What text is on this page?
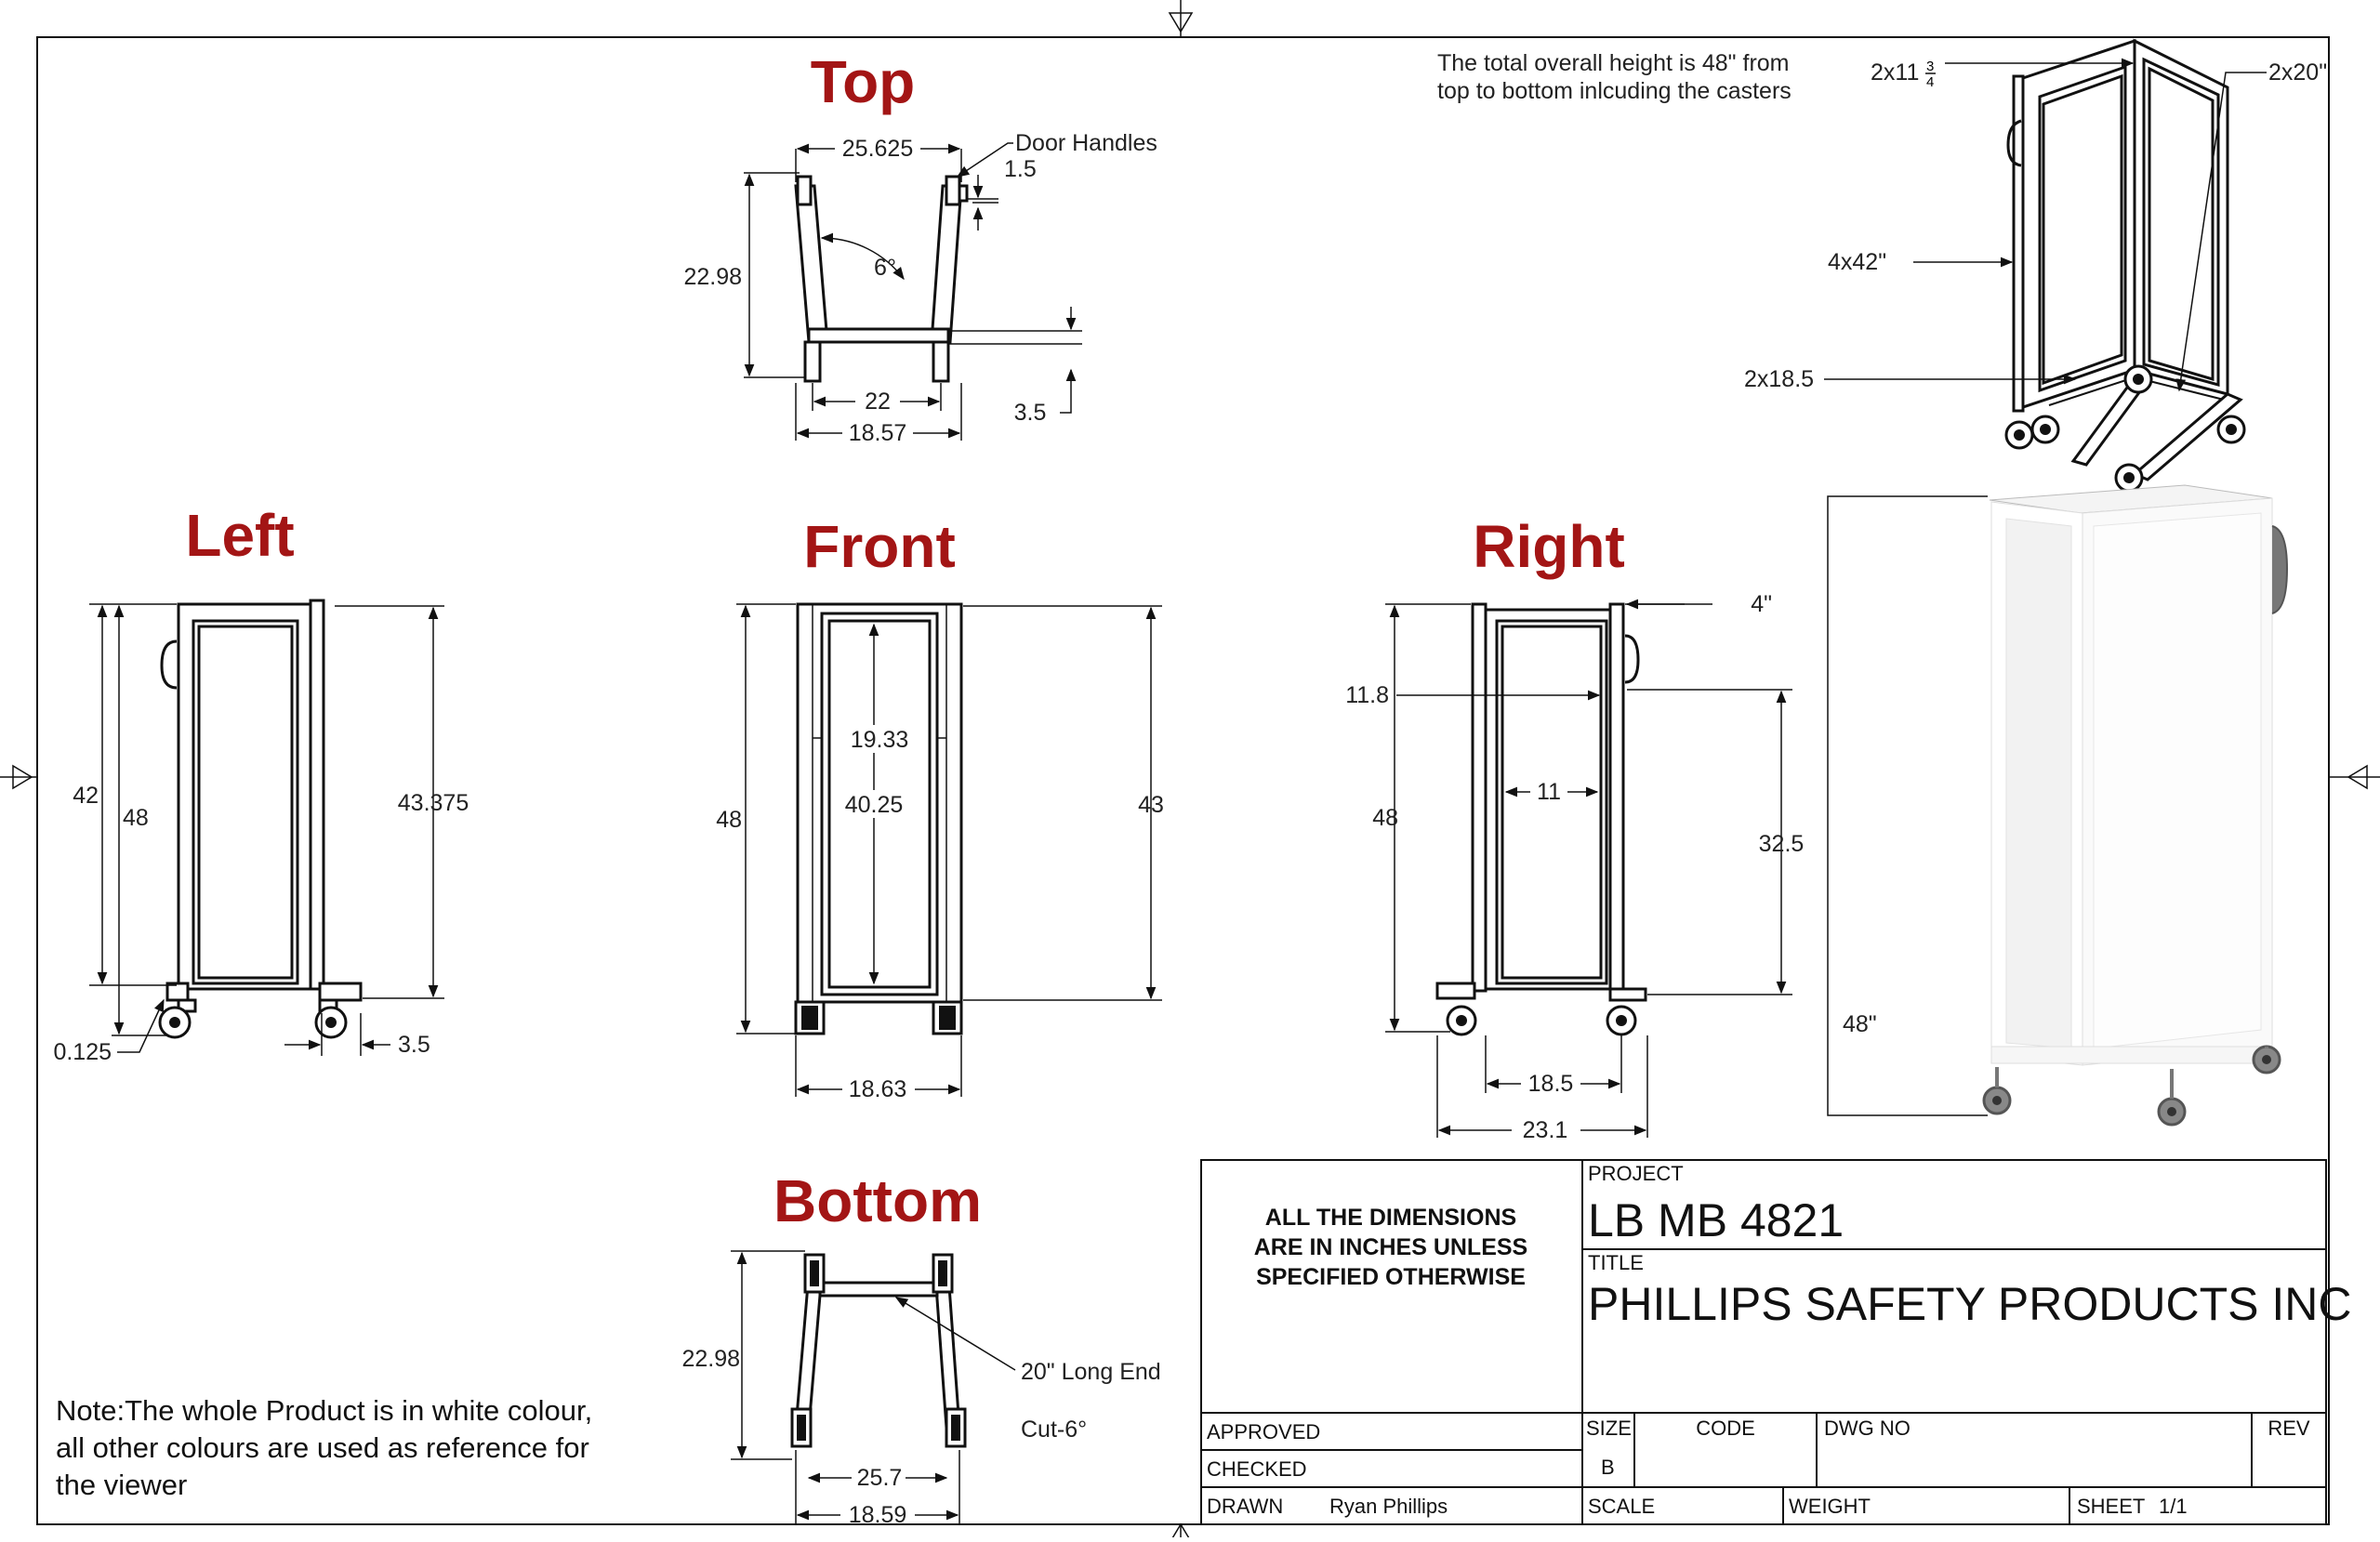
Top
Left	Front	Right
Bottom
22.98
25.625	Door Handles
1.5
6°
22
18.57
3.5
42
48
43.375
0.125	3.5
48
19.33
40.25	43
18.63
4"
48
11.8
11
32.5
18.5
23.1
22.98	20" Long End
Cut-6°
25.7
18.59
2x11 3
4	2x20"
4x42"
2x18.5
The total overall height is 48" from
top to bottom inlcuding the casters
48"
Note:The whole Product is in white colour,
all other colours are used as reference for
the viewer
ALL THE DIMENSIONS
ARE IN INCHES UNLESS
SPECIFIED OTHERWISE
PROJECT
LB MB 4821
TITLE
PHILLIPS SAFETY PRODUCTS INC
APPROVED
CHECKED
DRAWN Ryan Phillips
SIZE
B
CODE	DWG NO	REV
SCALE	WEIGHT	SHEET 1/1
